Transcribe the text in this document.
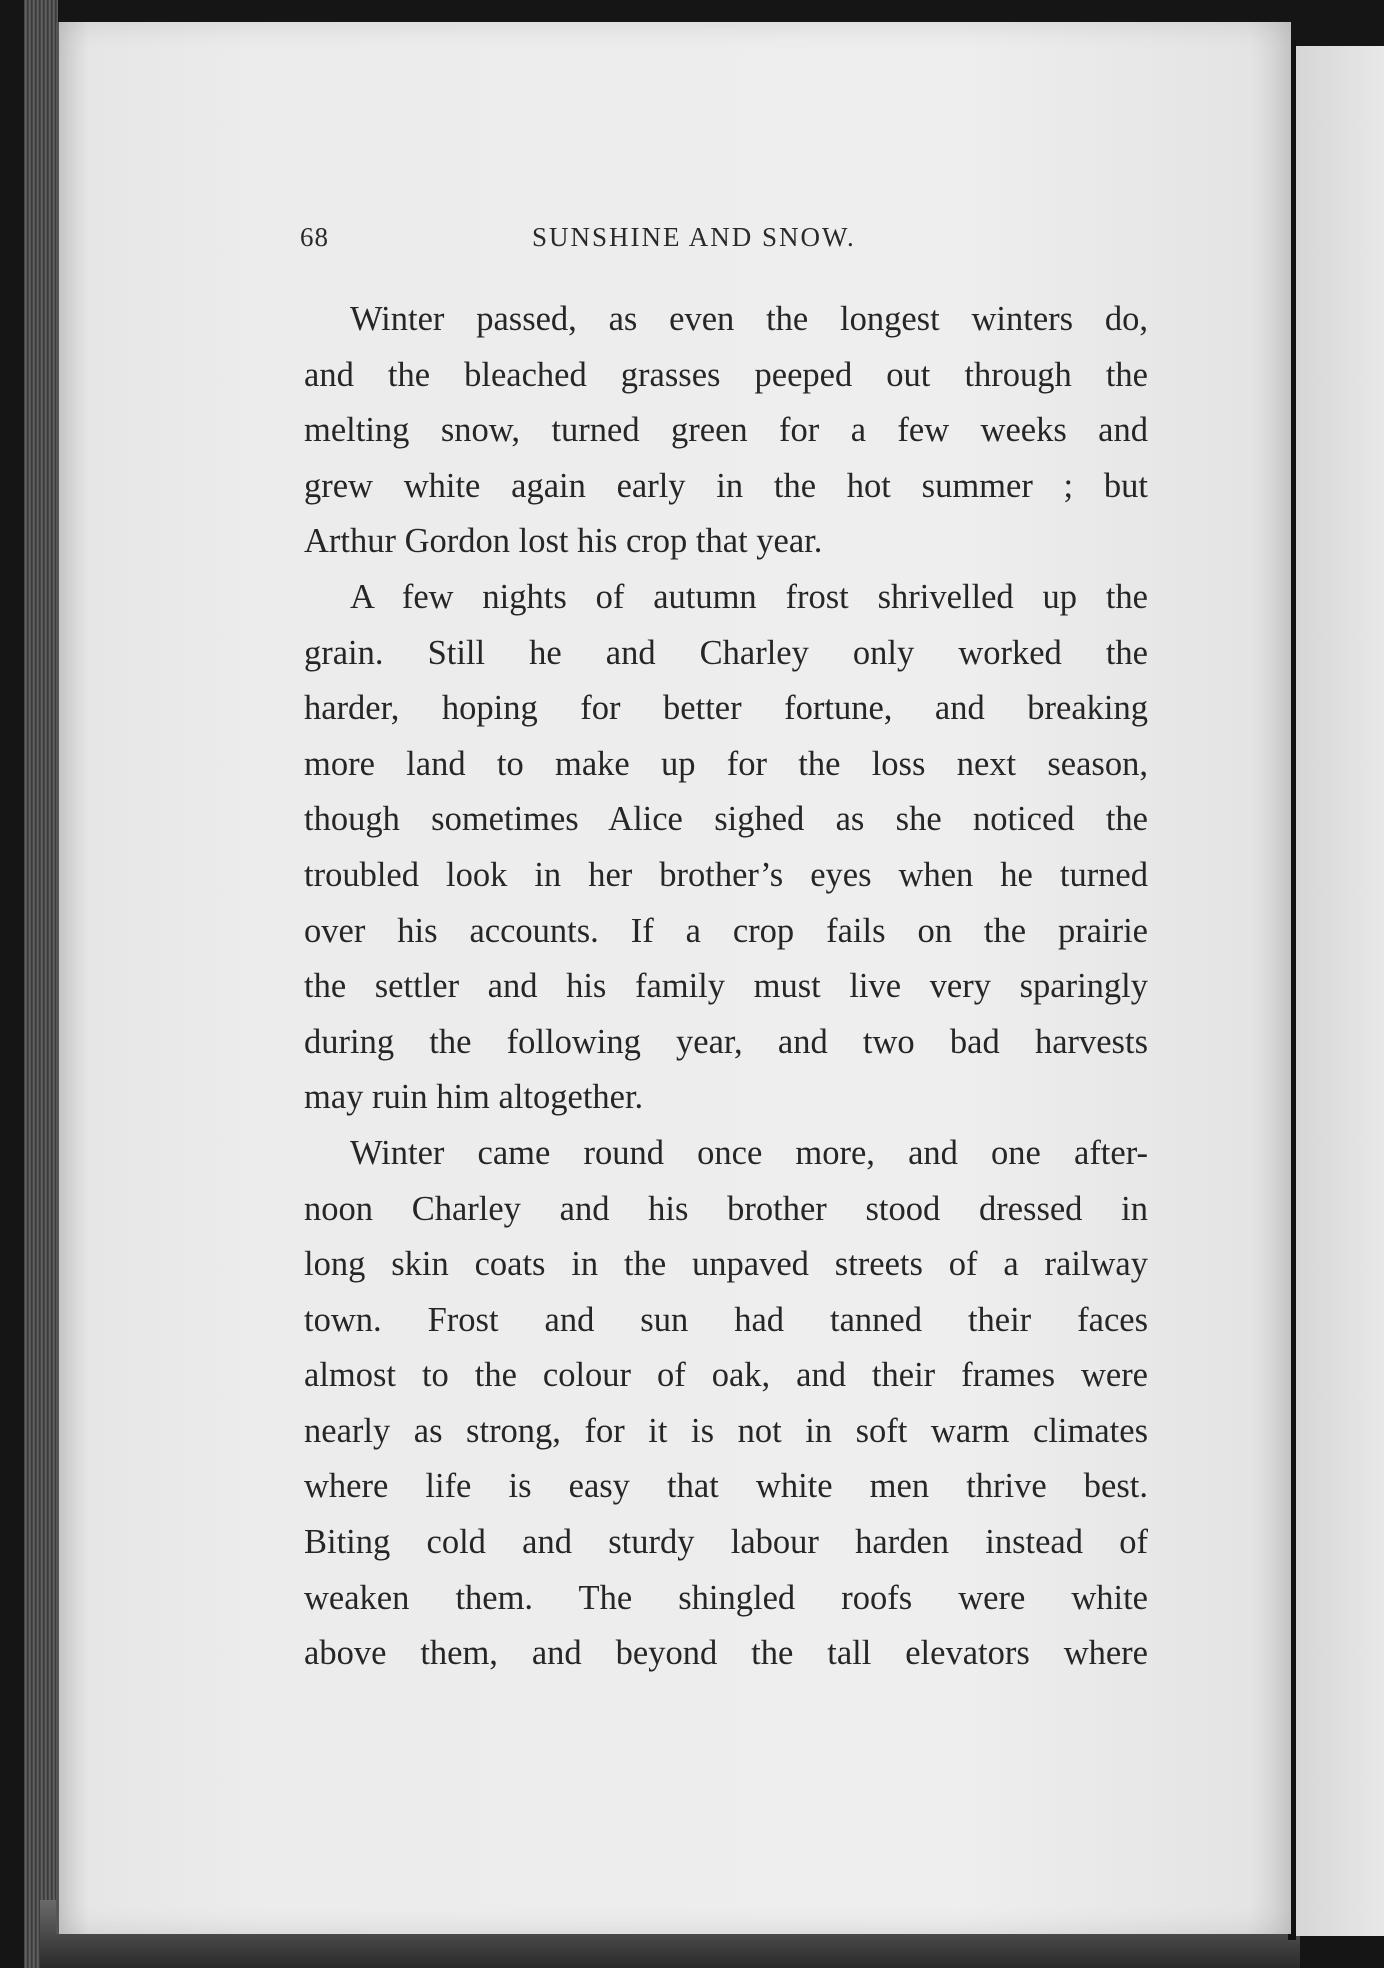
68	SUNSHINE AND SNOW.
Winter passed, as even the longest winters do,
and the bleached grasses peeped out through the
melting snow, turned green for a few weeks and
grew white again early in the hot summer ; but
Arthur Gordon lost his crop that year.
A few nights of autumn frost shrivelled up the
grain. Still he and Charley only worked the
harder, hoping for better fortune, and breaking
more land to make up for the loss next season,
though sometimes Alice sighed as she noticed the
troubled look in her brother’s eyes when he turned
over his accounts. If a crop fails on the prairie
the settler and his family must live very sparingly
during the following year, and two bad harvests
may ruin him altogether.
Winter came round once more, and one after-
noon Charley and his brother stood dressed in
long skin coats in the unpaved streets of a railway
town. Frost and sun had tanned their faces
almost to the colour of oak, and their frames were
nearly as strong, for it is not in soft warm climates
where life is easy that white men thrive best.
Biting cold and sturdy labour harden instead of
weaken them. The shingled roofs were white
above them, and beyond the tall elevators where
